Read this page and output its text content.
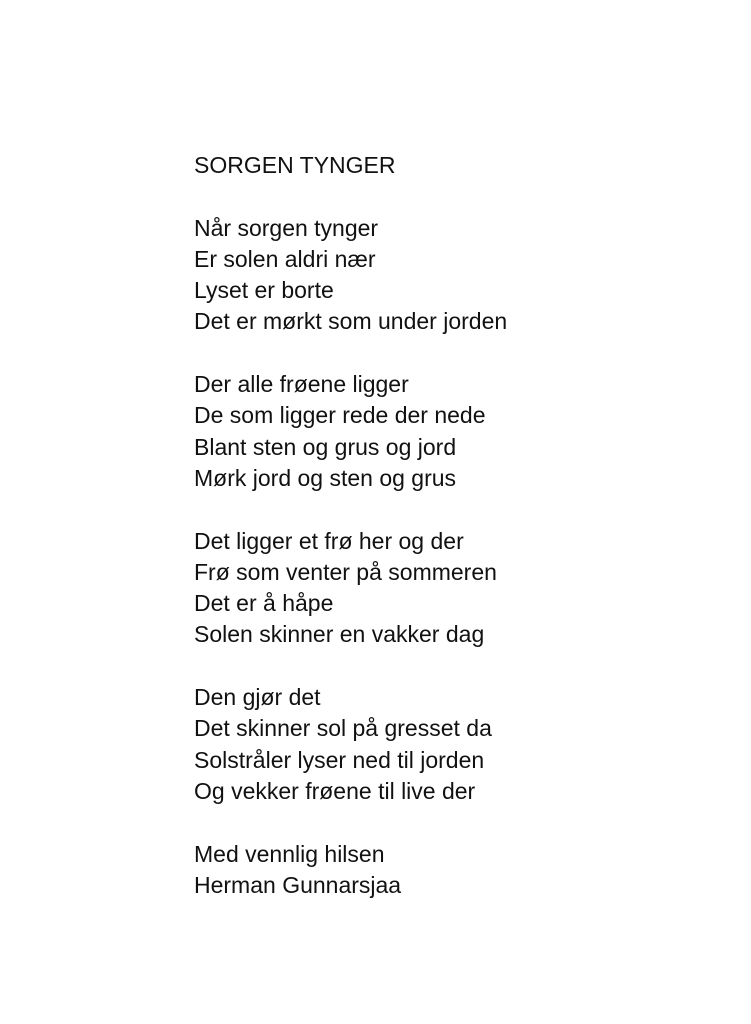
SORGEN TYNGER
Når sorgen tynger
Er solen aldri nær
Lyset er borte
Det er mørkt som under jorden
Der alle frøene ligger
De som ligger rede der nede
Blant sten og grus og jord
Mørk jord og sten og grus
Det ligger et frø her og der
Frø som venter på sommeren
Det er å håpe
Solen skinner en vakker dag
Den gjør det
Det skinner sol på gresset da
Solstråler lyser ned til jorden
Og vekker frøene til live der
Med vennlig hilsen
Herman Gunnarsjaa
